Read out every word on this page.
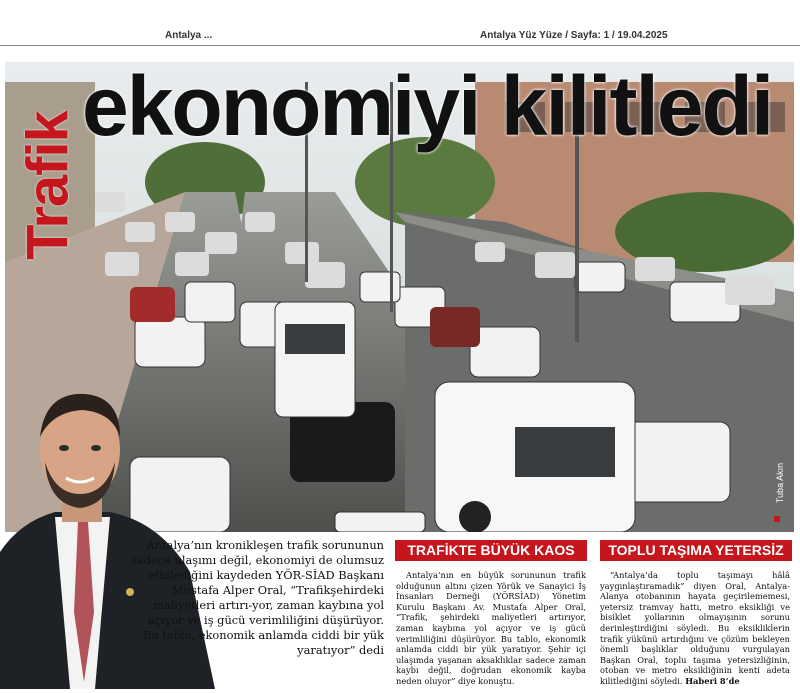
Antalya ...	Antalya Yüz Yüze / Sayfa: 1 / 19.04.2025
Trafik
ekonomiyi kilitledi
Tuba Akın

Antalya’nın kronikleşen trafik sorununun sadece ulaşımı değil, ekonomiyi de olumsuz etkilediğini kaydeden YÖR-SİAD Başkanı Mustafa Alper Oral, “Trafikşehirdeki maliyetleri artırı-yor, zaman kaybına yol açıyor ve iş gücü verimliliğini düşürüyor. Bu tablo, ekonomik anlamda ciddi bir yük yaratıyor” dedi

TRAFİKTE BÜYÜK KAOS	TOPLU TAŞIMA YETERSİZ

Antalya’nın en büyük sorununun trafik olduğunun altını çizen Yörük ve Sanayici İş İnsanları Derneği (YÖRSİAD) Yönetim Kurulu Başkanı Av. Mustafa Alper Oral, “Trafik, şehirdeki maliyetleri artırıyor, zaman kaybına yol açıyor ve iş gücü verimliliğini düşürüyor. Bu tablo, ekonomik anlamda ciddi bir yük yaratıyor. Şehir içi ulaşımda yaşanan aksaklıklar sadece zaman kaybı değil, doğrudan ekonomik kayba neden oluyor” diye konuştu.

“Antalya’da toplu taşımayı hâlâ yaygınlaştıramadık” diyen Oral, Antalya-Alanya otobanının hayata geçirilememesi, yetersiz tramvay hattı, metro eksikliği ve bisiklet yollarının olmayışının sorunu derinleştirdiğini söyledi. Bu eksikliklerin trafik yükünü artırdığını ve çözüm bekleyen önemli başlıklar olduğunu vurgulayan Başkan Oral, toplu taşıma yetersizliğinin, otoban ve metro eksikliğinin kenti adeta kilitlediğini söyledi. Haberi 8’de
